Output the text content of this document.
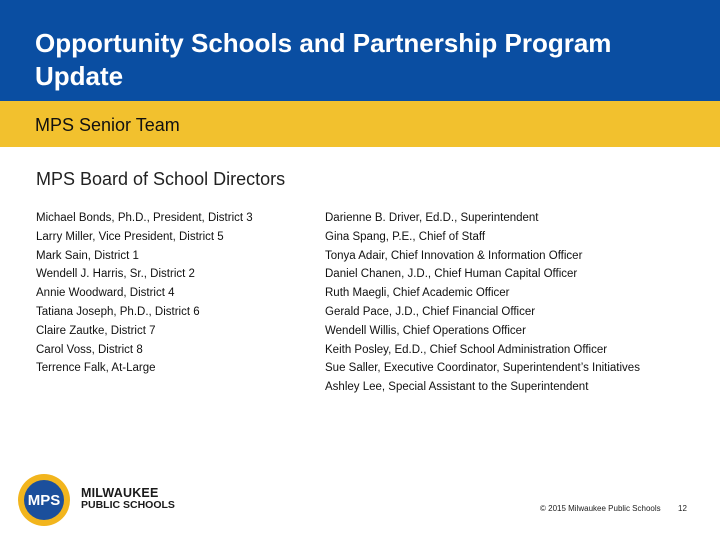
Opportunity Schools and Partnership Program Update
MPS Senior Team
MPS Board of School Directors
Michael Bonds, Ph.D., President, District 3
Larry Miller, Vice President, District 5
Mark Sain, District 1
Wendell J. Harris, Sr., District 2
Annie Woodward, District 4
Tatiana Joseph, Ph.D., District 6
Claire Zautke, District 7
Carol Voss, District 8
Terrence Falk, At-Large
Darienne B. Driver, Ed.D., Superintendent
Gina Spang, P.E., Chief of Staff
Tonya Adair, Chief Innovation & Information Officer
Daniel Chanen, J.D., Chief Human Capital Officer
Ruth Maegli, Chief Academic Officer
Gerald Pace, J.D., Chief Financial Officer
Wendell Willis, Chief Operations Officer
Keith Posley, Ed.D., Chief School Administration Officer
Sue Saller, Executive Coordinator, Superintendent’s Initiatives
Ashley Lee, Special Assistant to the Superintendent
MPS MILWAUKEE
PUBLIC SCHOOLS	© 2015 Milwaukee Public Schools 12
